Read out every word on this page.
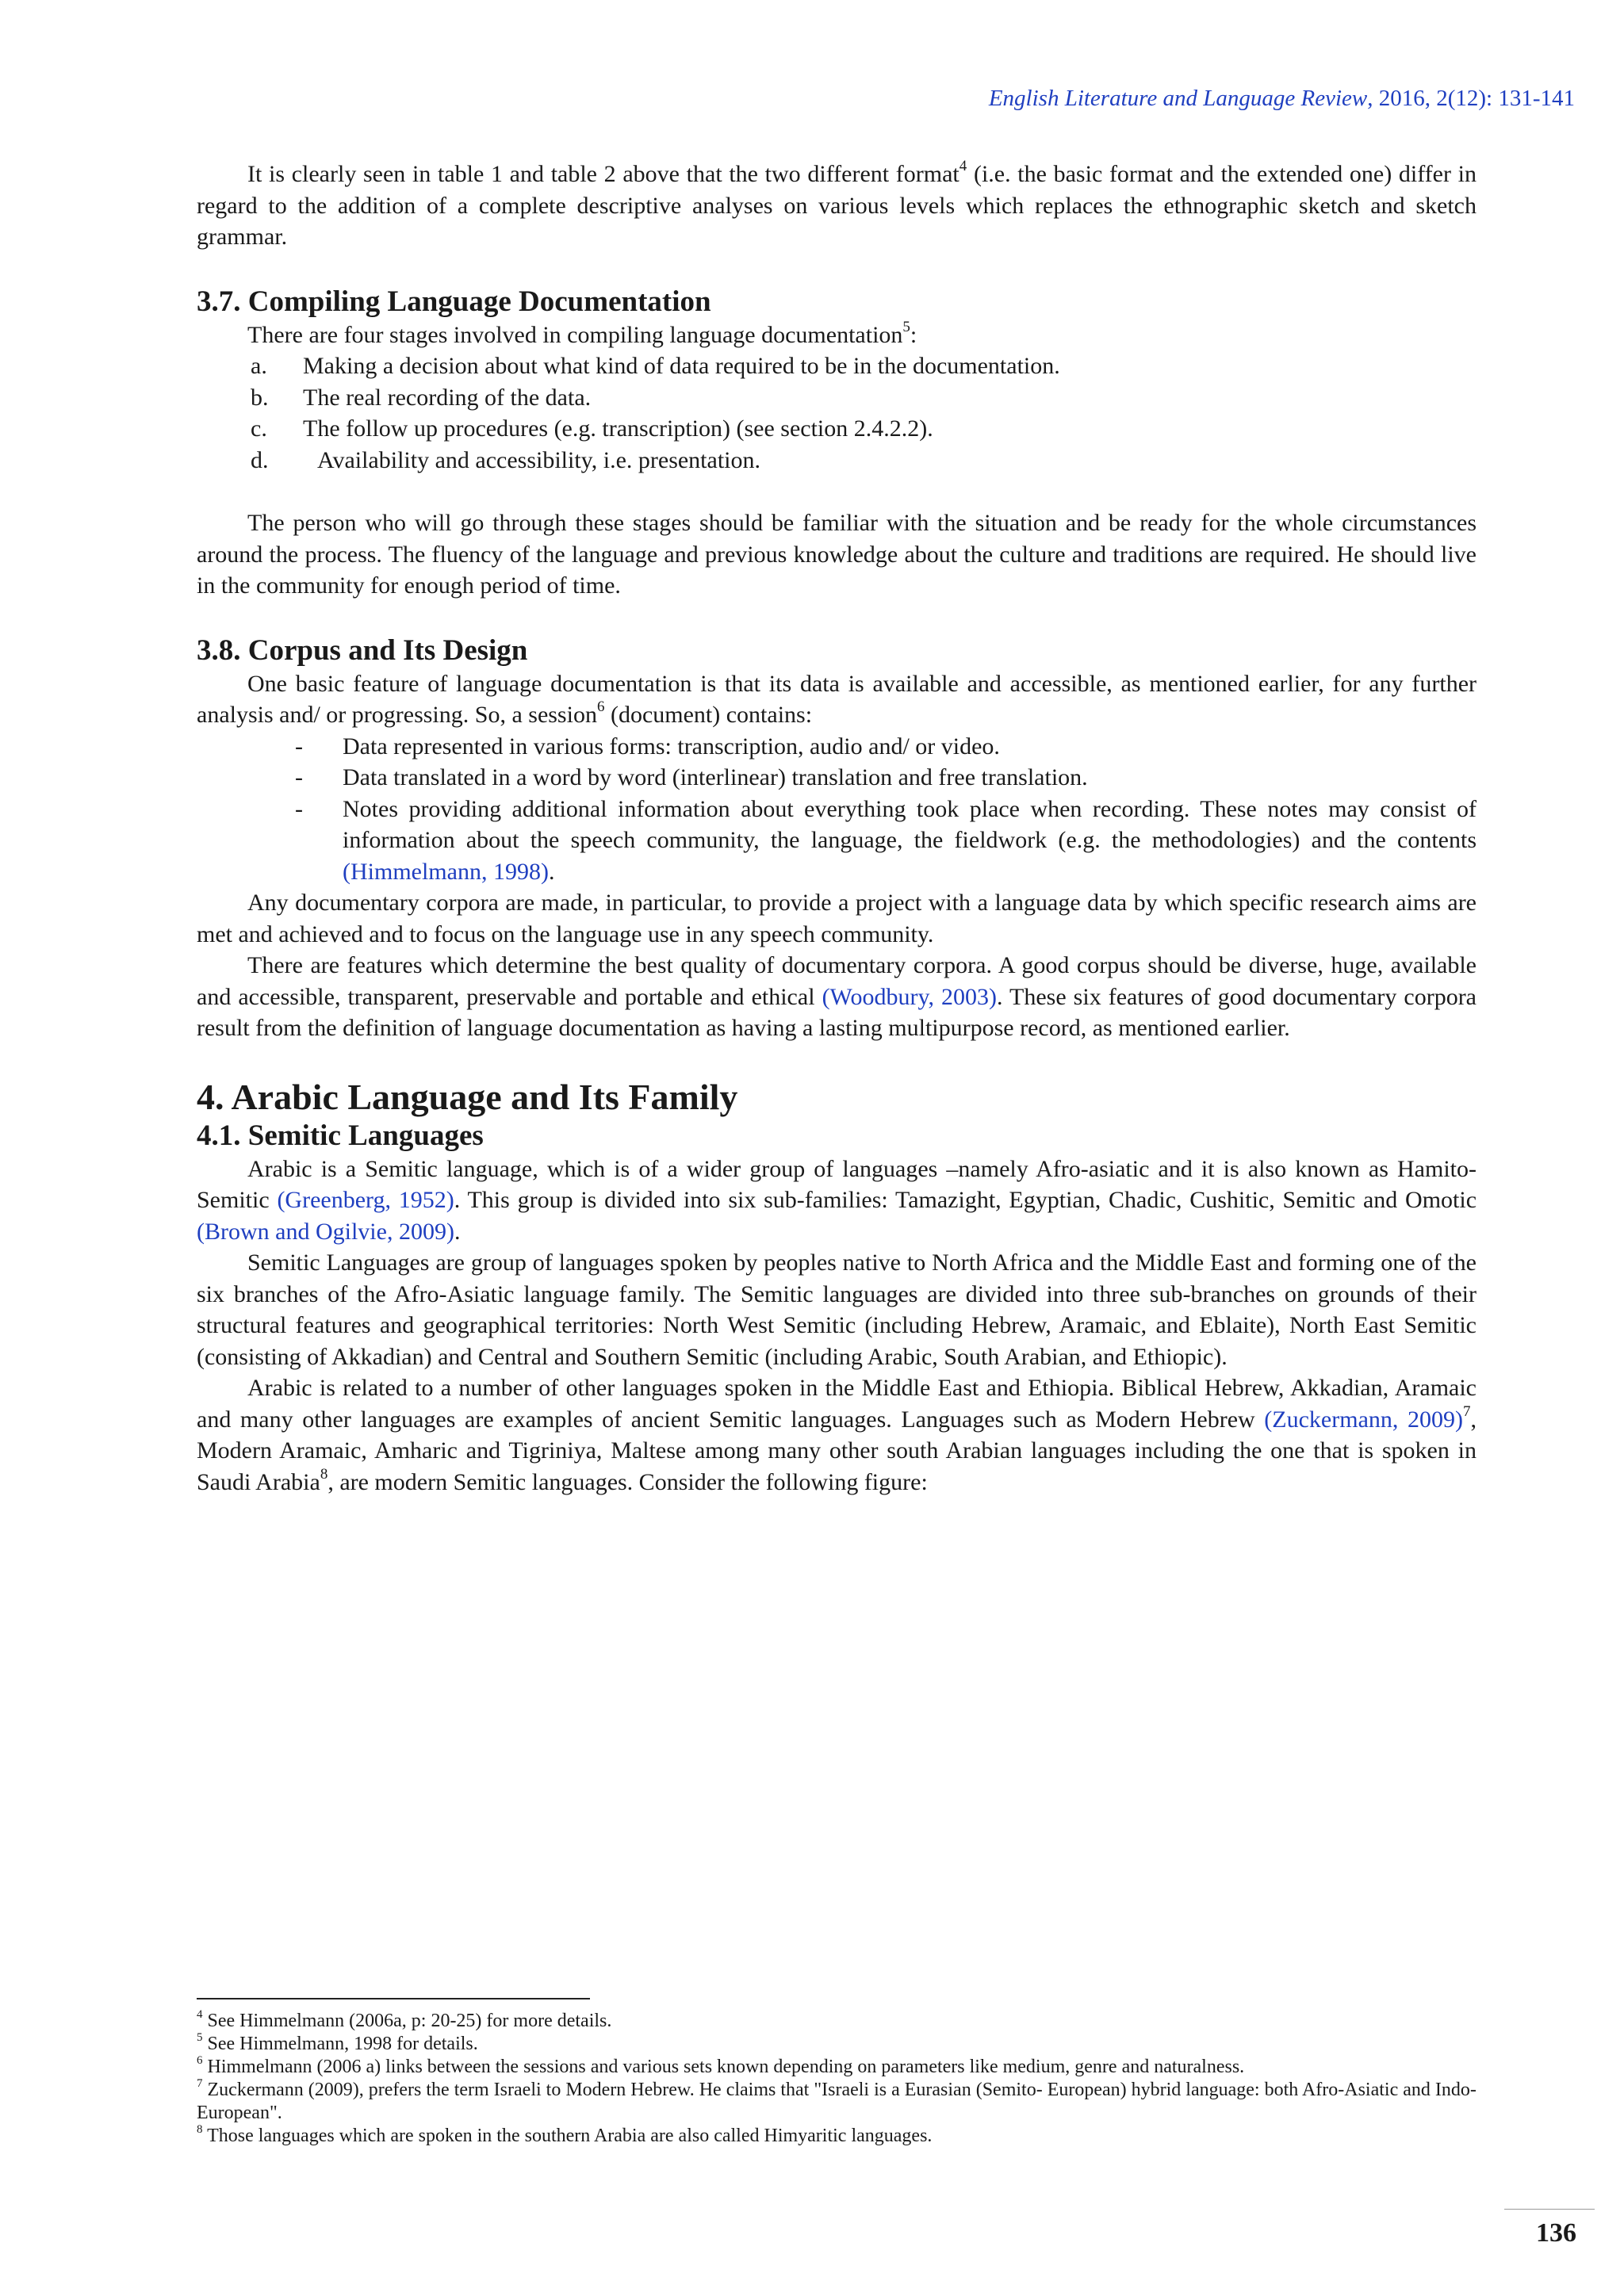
English Literature and Language Review, 2016, 2(12): 131-141

It is clearly seen in table 1 and table 2 above that the two different format$^4$ (i.e. the basic format and the extended one) differ in regard to the addition of a complete descriptive analyses on various levels which replaces the ethnographic sketch and sketch grammar.

3.7. Compiling Language Documentation

There are four stages involved in compiling language documentation$^5$:

a. Making a decision about what kind of data required to be in the documentation.
b. The real recording of the data.
c. The follow up procedures (e.g. transcription) (see section 2.4.2.2).
d. Availability and accessibility, i.e. presentation.

The person who will go through these stages should be familiar with the situation and be ready for the whole circumstances around the process. The fluency of the language and previous knowledge about the culture and traditions are required. He should live in the community for enough period of time.

3.8. Corpus and Its Design

One basic feature of language documentation is that its data is available and accessible, as mentioned earlier, for any further analysis and/ or progressing. So, a session$^6$ (document) contains:

- Data represented in various forms: transcription, audio and/ or video.
- Data translated in a word by word (interlinear) translation and free translation.
- Notes providing additional information about everything took place when recording. These notes may consist of information about the speech community, the language, the fieldwork (e.g. the methodologies) and the contents (Himmelmann, 1998).

Any documentary corpora are made, in particular, to provide a project with a language data by which specific research aims are met and achieved and to focus on the language use in any speech community.

There are features which determine the best quality of documentary corpora. A good corpus should be diverse, huge, available and accessible, transparent, preservable and portable and ethical (Woodbury, 2003). These six features of good documentary corpora result from the definition of language documentation as having a lasting multipurpose record, as mentioned earlier.

4. Arabic Language and Its Family
4.1. Semitic Languages

Arabic is a Semitic language, which is of a wider group of languages –namely Afro-asiatic and it is also known as Hamito-Semitic (Greenberg, 1952). This group is divided into six sub-families: Tamazight, Egyptian, Chadic, Cushitic, Semitic and Omotic (Brown and Ogilvie, 2009).

Semitic Languages are group of languages spoken by peoples native to North Africa and the Middle East and forming one of the six branches of the Afro-Asiatic language family. The Semitic languages are divided into three sub-branches on grounds of their structural features and geographical territories: North West Semitic (including Hebrew, Aramaic, and Eblaite), North East Semitic (consisting of Akkadian) and Central and Southern Semitic (including Arabic, South Arabian, and Ethiopic).

Arabic is related to a number of other languages spoken in the Middle East and Ethiopia. Biblical Hebrew, Akkadian, Aramaic and many other languages are examples of ancient Semitic languages. Languages such as Modern Hebrew (Zuckermann, 2009)$^7$, Modern Aramaic, Amharic and Tigriniya, Maltese among many other south Arabian languages including the one that is spoken in Saudi Arabia$^8$, are modern Semitic languages. Consider the following figure:

$^4$ See Himmelmann (2006a, p: 20-25) for more details.
$^5$ See Himmelmann, 1998 for details.
$^6$ Himmelmann (2006 a) links between the sessions and various sets known depending on parameters like medium, genre and naturalness.
$^7$ Zuckermann (2009), prefers the term Israeli to Modern Hebrew. He claims that "Israeli is a Eurasian (Semito- European) hybrid language: both Afro-Asiatic and Indo-European".
$^8$ Those languages which are spoken in the southern Arabia are also called Himyaritic languages.
136
